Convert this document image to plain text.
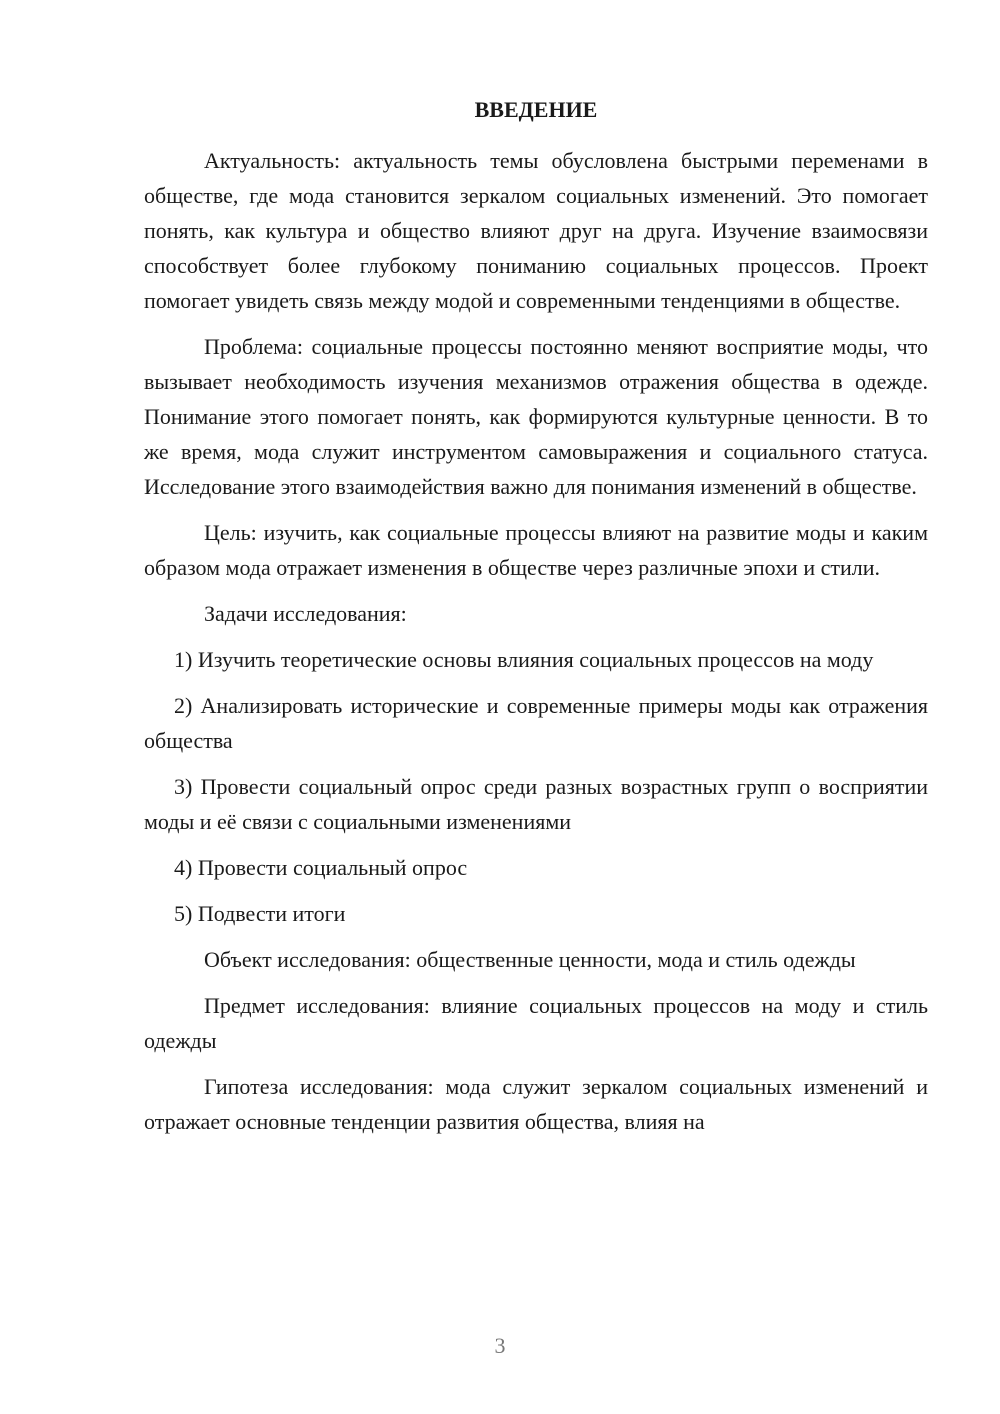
ВВЕДЕНИЕ

Актуальность: актуальность темы обусловлена быстрыми переменами в обществе, где мода становится зеркалом социальных изменений. Это помогает понять, как культура и общество влияют друг на друга. Изучение взаимосвязи способствует более глубокому пониманию социальных процессов. Проект помогает увидеть связь между модой и современными тенденциями в обществе.

Проблема: социальные процессы постоянно меняют восприятие моды, что вызывает необходимость изучения механизмов отражения общества в одежде. Понимание этого помогает понять, как формируются культурные ценности. В то же время, мода служит инструментом самовыражения и социального статуса. Исследование этого взаимодействия важно для понимания изменений в обществе.

Цель: изучить, как социальные процессы влияют на развитие моды и каким образом мода отражает изменения в обществе через различные эпохи и стили.

Задачи исследования:

1) Изучить теоретические основы влияния социальных процессов на моду

2) Анализировать исторические и современные примеры моды как отражения общества

3) Провести социальный опрос среди разных возрастных групп о восприятии моды и её связи с социальными изменениями

4) Провести социальный опрос

5) Подвести итоги

Объект исследования: общественные ценности, мода и стиль одежды

Предмет исследования: влияние социальных процессов на моду и стиль одежды

Гипотеза исследования: мода служит зеркалом социальных изменений и отражает основные тенденции развития общества, влияя на

3
